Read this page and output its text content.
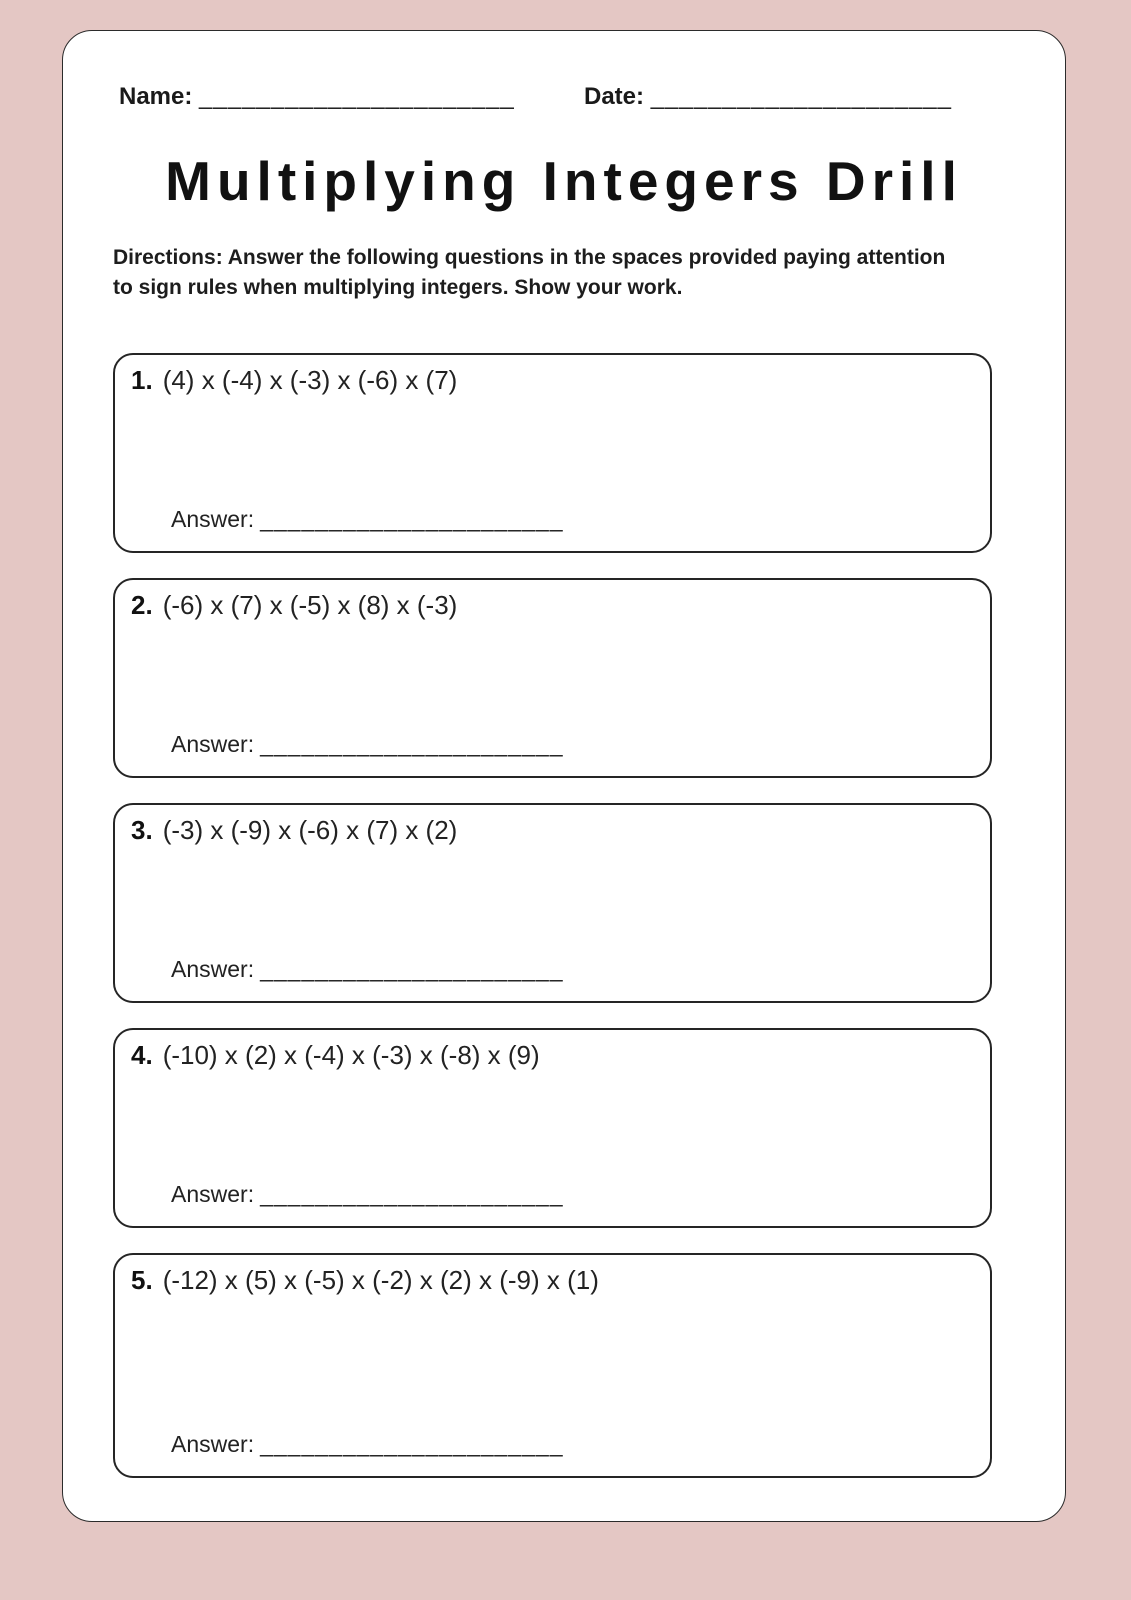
Name: ______________________	Date: _____________________
Multiplying Integers Drill
Directions: Answer the following questions in the spaces provided paying attention to sign rules when multiplying integers. Show your work.
1. (4) x (-4) x (-3) x (-6) x (7)
Answer: ______________________
2. (-6) x (7) x (-5) x (8) x (-3)
Answer: ______________________
3. (-3) x (-9) x (-6) x (7) x (2)
Answer: ______________________
4. (-10) x (2) x (-4) x (-3) x (-8) x (9)
Answer: ______________________
5. (-12) x (5) x (-5) x (-2) x (2) x (-9) x (1)
Answer: ______________________
